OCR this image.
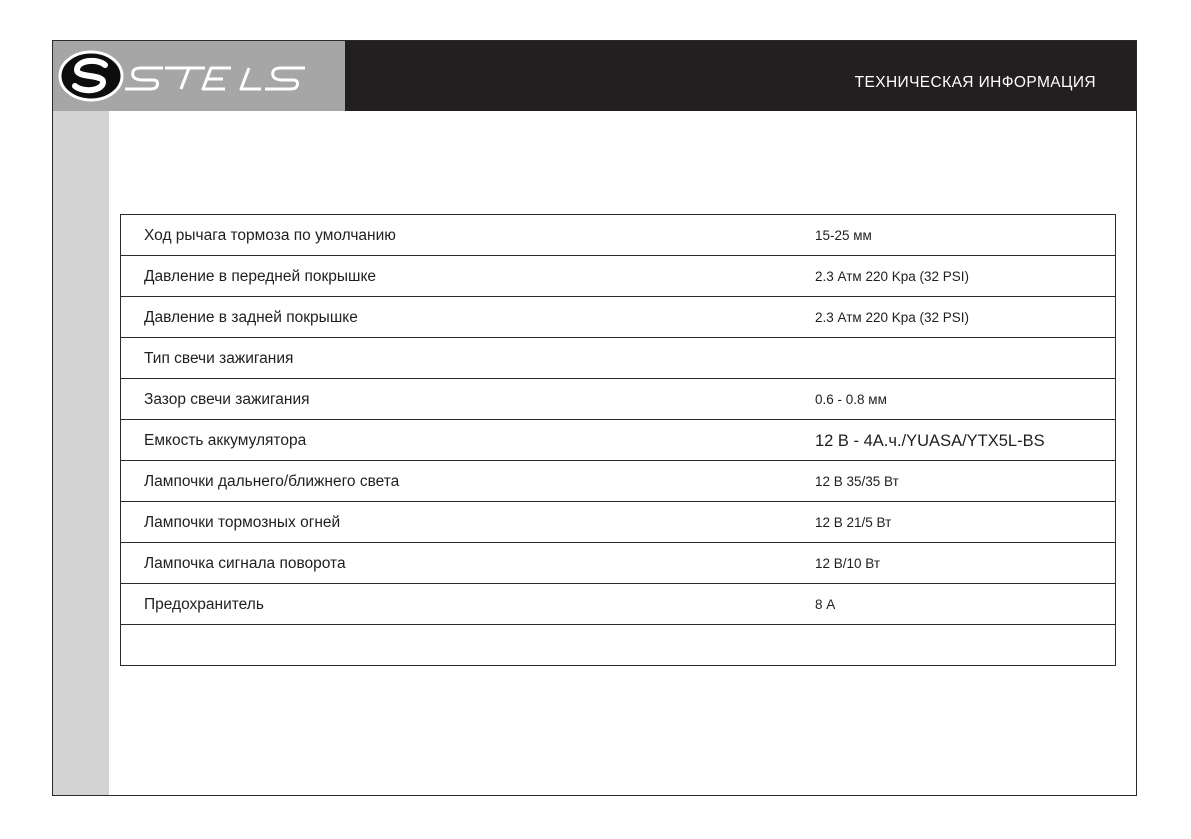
ТЕХНИЧЕСКАЯ ИНФОРМАЦИЯ
Ход рычага тормоза по умолчанию	15-25 мм
Давление в передней покрышке	2.3 Атм 220 Kpa (32 PSI)
Давление в задней покрышке	2.3 Атм 220 Kpa (32 PSI)
Тип свечи зажигания
Зазор свечи зажигания	0.6 - 0.8 мм
Емкость аккумулятора	12 В - 4А.ч./YUASA/YTX5L-BS
Лампочки дальнего/ближнего света	12 В 35/35 Вт
Лампочки тормозных огней	12 В 21/5 Вт
Лампочка сигнала поворота	12 В/10 Вт
Предохранитель	8 А
